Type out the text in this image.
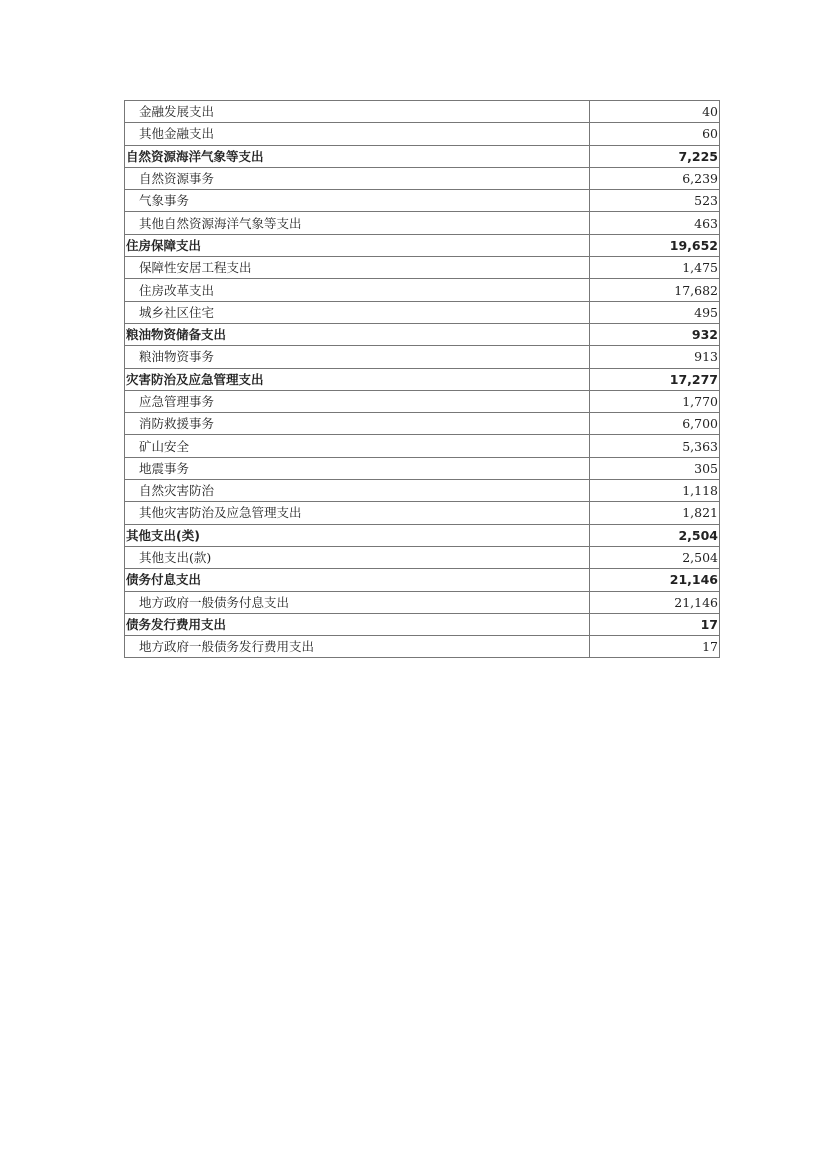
金融发展支出	40
其他金融支出	60
自然资源海洋气象等支出	7,225
自然资源事务	6,239
气象事务	523
其他自然资源海洋气象等支出	463
住房保障支出	19,652
保障性安居工程支出	1,475
住房改革支出	17,682
城乡社区住宅	495
粮油物资储备支出	932
粮油物资事务	913
灾害防治及应急管理支出	17,277
应急管理事务	1,770
消防救援事务	6,700
矿山安全	5,363
地震事务	305
自然灾害防治	1,118
其他灾害防治及应急管理支出	1,821
其他支出(类)	2,504
其他支出(款)	2,504
债务付息支出	21,146
地方政府一般债务付息支出	21,146
债务发行费用支出	17
地方政府一般债务发行费用支出	17
